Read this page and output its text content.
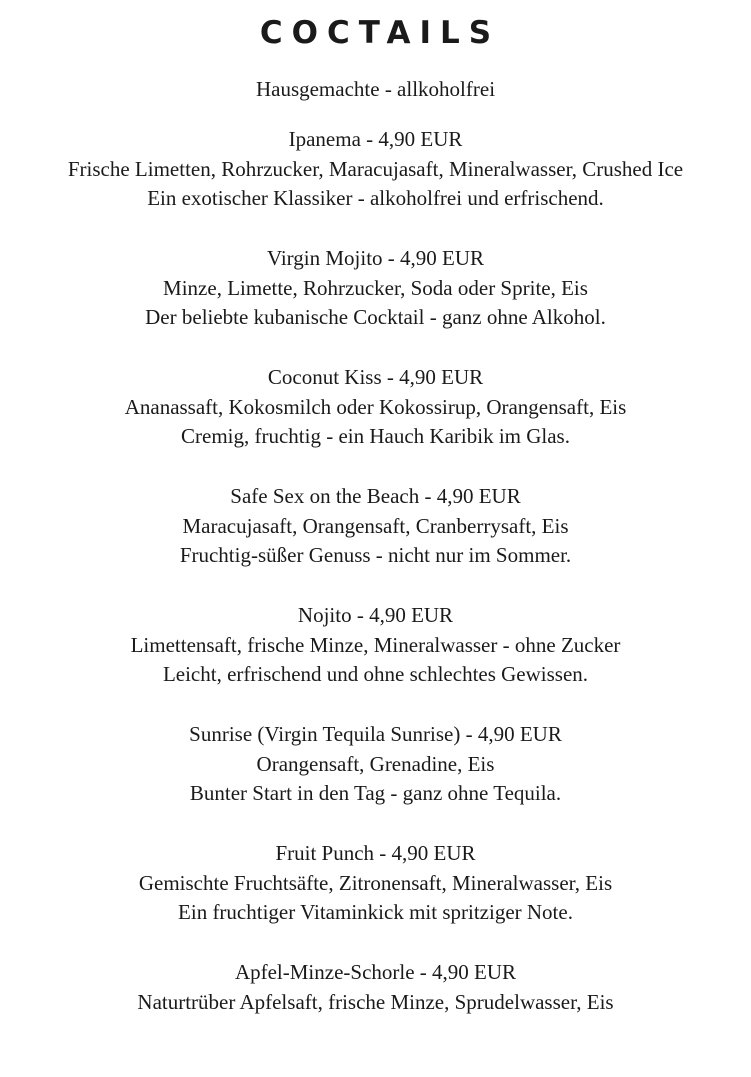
COCTAILS

Hausgemachte - allkoholfrei

Ipanema - 4,90 EUR
Frische Limetten, Rohrzucker, Maracujasaft, Mineralwasser, Crushed Ice
Ein exotischer Klassiker - alkoholfrei und erfrischend.
Virgin Mojito - 4,90 EUR
Minze, Limette, Rohrzucker, Soda oder Sprite, Eis
Der beliebte kubanische Cocktail - ganz ohne Alkohol.
Coconut Kiss - 4,90 EUR
Ananassaft, Kokosmilch oder Kokossirup, Orangensaft, Eis
Cremig, fruchtig - ein Hauch Karibik im Glas.
Safe Sex on the Beach - 4,90 EUR
Maracujasaft, Orangensaft, Cranberrysaft, Eis
Fruchtig-süßer Genuss - nicht nur im Sommer.
Nojito - 4,90 EUR
Limettensaft, frische Minze, Mineralwasser - ohne Zucker
Leicht, erfrischend und ohne schlechtes Gewissen.
Sunrise (Virgin Tequila Sunrise) - 4,90 EUR
Orangensaft, Grenadine, Eis
Bunter Start in den Tag - ganz ohne Tequila.
Fruit Punch - 4,90 EUR
Gemischte Fruchtsäfte, Zitronensaft, Mineralwasser, Eis
Ein fruchtiger Vitaminkick mit spritziger Note.
Apfel-Minze-Schorle - 4,90 EUR
Naturtrüber Apfelsaft, frische Minze, Sprudelwasser, Eis
